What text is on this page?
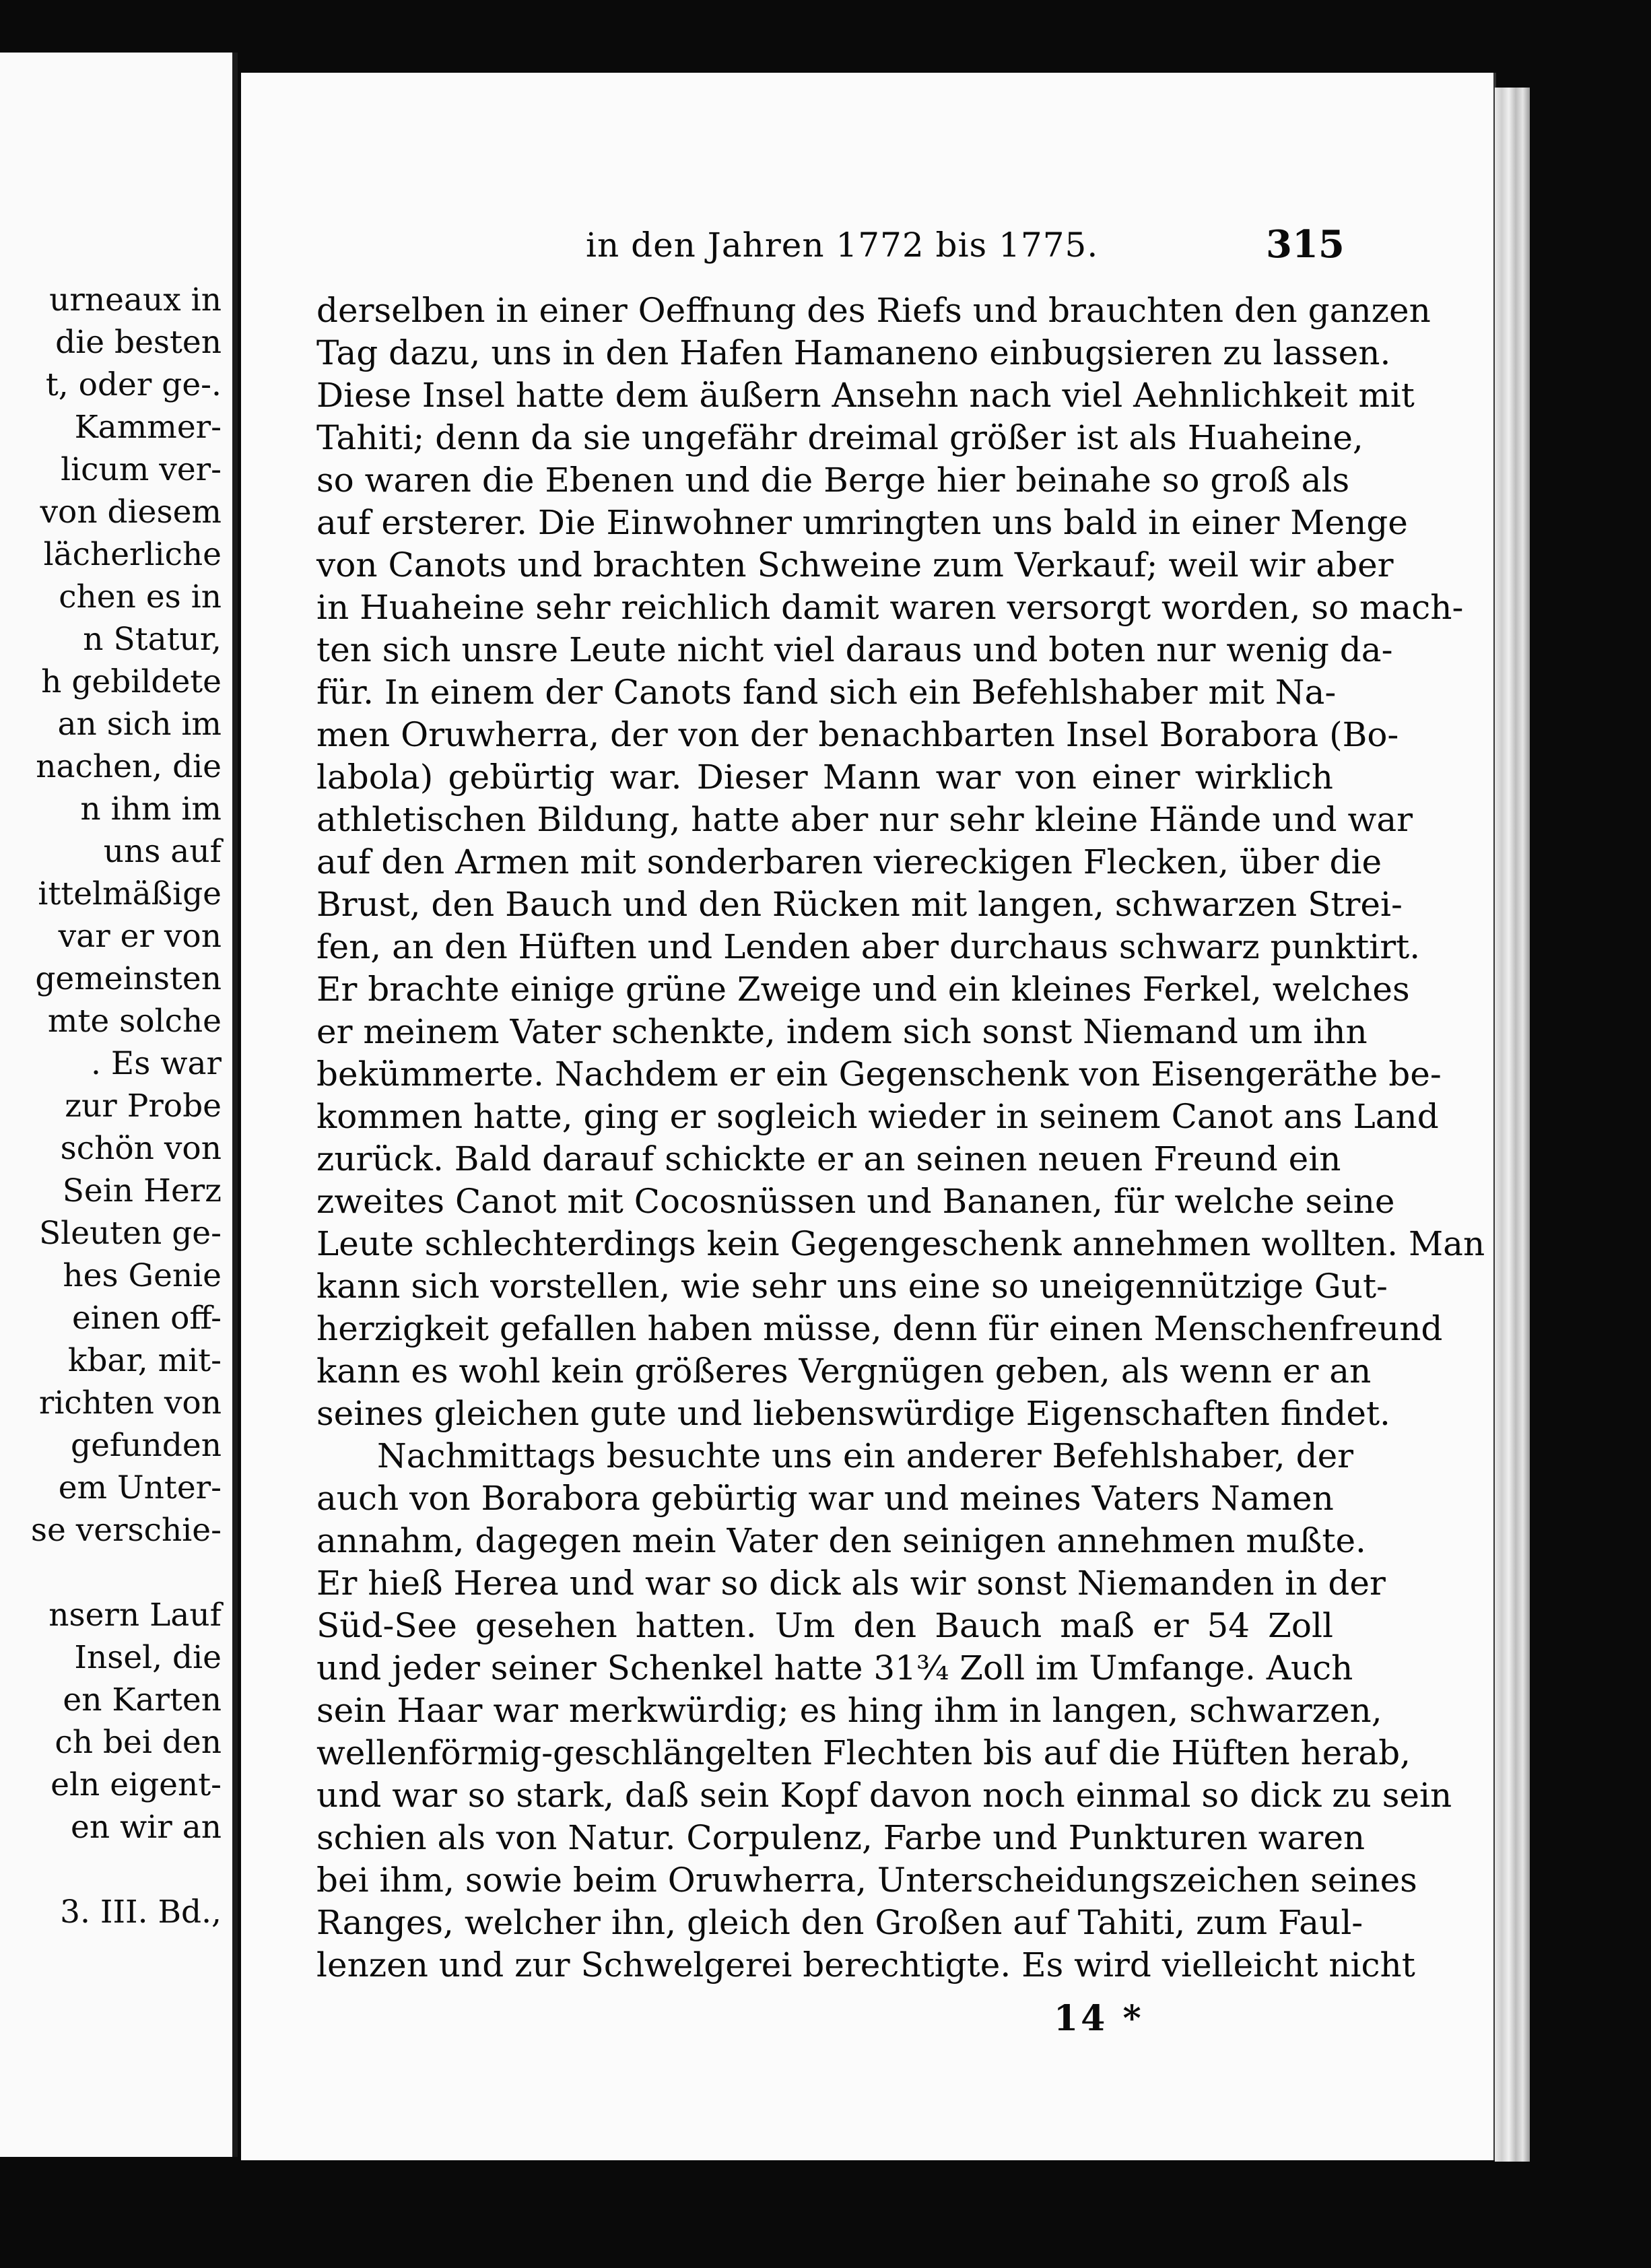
urneaux in
die besten
t, oder ge-.
Kammer-
licum ver-
von diesem
lächerliche
chen es in
n Statur,
h gebildete
an sich im
nachen, die
n ihm im
uns auf
ittelmäßige
var er von
gemeinsten
mte solche
. Es war
zur Probe
schön von
Sein Herz
Sleuten ge-
hes Genie
einen off-
kbar, mit-
richten von
gefunden
em Unter-
se verschie-
nsern Lauf
Insel, die
en Karten
ch bei den
eln eigent-
en wir an
3. III. Bd.,
in den Jahren 1772 bis 1775.	315
derselben in einer Oeffnung des Riefs und brauchten den ganzen
Tag dazu, uns in den Hafen Hamaneno einbugsieren zu lassen.
Diese Insel hatte dem äußern Ansehn nach viel Aehnlichkeit mit
Tahiti; denn da sie ungefähr dreimal größer ist als Huaheine,
so waren die Ebenen und die Berge hier beinahe so groß als
auf ersterer. Die Einwohner umringten uns bald in einer Menge
von Canots und brachten Schweine zum Verkauf; weil wir aber
in Huaheine sehr reichlich damit waren versorgt worden, so mach-
ten sich unsre Leute nicht viel daraus und boten nur wenig da-
für. In einem der Canots fand sich ein Befehlshaber mit Na-
men Oruwherra, der von der benachbarten Insel Borabora (Bo-
labola) gebürtig war. Dieser Mann war von einer wirklich
athletischen Bildung, hatte aber nur sehr kleine Hände und war
auf den Armen mit sonderbaren viereckigen Flecken, über die
Brust, den Bauch und den Rücken mit langen, schwarzen Strei-
fen, an den Hüften und Lenden aber durchaus schwarz punktirt.
Er brachte einige grüne Zweige und ein kleines Ferkel, welches
er meinem Vater schenkte, indem sich sonst Niemand um ihn
bekümmerte. Nachdem er ein Gegenschenk von Eisengeräthe be-
kommen hatte, ging er sogleich wieder in seinem Canot ans Land
zurück. Bald darauf schickte er an seinen neuen Freund ein
zweites Canot mit Cocosnüssen und Bananen, für welche seine
Leute schlechterdings kein Gegengeschenk annehmen wollten. Man
kann sich vorstellen, wie sehr uns eine so uneigennützige Gut-
herzigkeit gefallen haben müsse, denn für einen Menschenfreund
kann es wohl kein größeres Vergnügen geben, als wenn er an
seines gleichen gute und liebenswürdige Eigenschaften findet.
Nachmittags besuchte uns ein anderer Befehlshaber, der
auch von Borabora gebürtig war und meines Vaters Namen
annahm, dagegen mein Vater den seinigen annehmen mußte.
Er hieß Herea und war so dick als wir sonst Niemanden in der
Süd-See gesehen hatten. Um den Bauch maß er 54 Zoll
und jeder seiner Schenkel hatte 31¾ Zoll im Umfange. Auch
sein Haar war merkwürdig; es hing ihm in langen, schwarzen,
wellenförmig-geschlängelten Flechten bis auf die Hüften herab,
und war so stark, daß sein Kopf davon noch einmal so dick zu sein
schien als von Natur. Corpulenz, Farbe und Punkturen waren
bei ihm, sowie beim Oruwherra, Unterscheidungszeichen seines
Ranges, welcher ihn, gleich den Großen auf Tahiti, zum Faul-
lenzen und zur Schwelgerei berechtigte. Es wird vielleicht nicht
14 *
